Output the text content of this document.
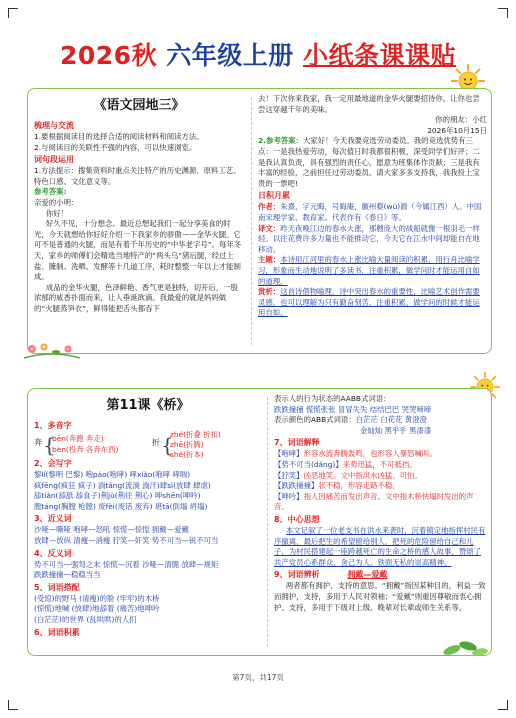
2026秋 六年级上册 小纸条课课贴
《语文园地三》
梳理与交流

1.要根据阅读目的选择合适的阅读材料和阅读方法。

2.与阅读目的关联性不强的内容，可以快速浏览。

词句段运用

1.方法提示：搜集资料时重点关注特产的历史渊源、原料工艺、特色口感、文化意义等。

参考答案:

亲爱的小明：

你好！

好久不见，十分想念。最近总想起我们一起分享美食的时光，今天就想给你好好介绍一下我家乡的骄傲——金华火腿。它可不是普通的火腿，而是有着千年历史的“中华老字号”。每年冬天，家乡的师傅们会精选当地特产的“两头乌”猪后腿，经过上盐、腌制、洗晒、发酵等十几道工序，耗时整整一年以上才能制成。

成品的金华火腿，色泽鲜艳、香气更是独特，切开后，一股浓郁的咸香扑面而来，让人垂涎欲滴。我最爱的就是妈妈做的“火腿蒸笋衣”，鲜得能把舌头都吞下

去！下次你来我家，我一定用最地道的金华火腿要招待你，让你也尝尝这穿越千年的美味。

你的朋友：小红

2026年10月15日

2.参考答案：大家好！今天我要竞选劳动委员。我的竞选优势有三点：一是我热爱劳动，每次值日时我都很积极，深受同学们好评；二是我认真负责，具有强烈的责任心，愿意为班集体作贡献；三是我有丰富的经验，之前担任过劳动委员。请大家多多支持我，我我投上宝贵的一票吧!

日积月累

作者：朱熹，字元晦，号晦庵，徽州婺(wù)源（今属江西）人。中国南宋理学家、教育家。代表作有《春日》等。

译文：昨天夜晚江边的春水大涨，那艘庞大的战船就像一根羽毛一样轻。以往花费许多力量也不能推动它，今天它在江水中间却能自在地移动。

主题：本诗用江河里的春水上涨比喻大量阅读的积累，用行舟比喻学习，形象而生动地说明了多读书，注重积累，做学问时才能运用自如的道理。

赏析：这首诗借物喻理，诗中突出春水的重要性，比喻艺术创作需要灵感，也可以理解为只有勤奋刻苦，注重积累，做学问的时候才能运用自如。

第11课《桥》
1、多音字
奔 {
bēn(奔跑 奔走)
bèn(投奔 各奔东西)
折 {
zhé(折叠 折扣)
zhē(折腾)
shé(折本)
2、会写字

黎lí(黎明 巴黎) 咆páo(咆哮) 哮xiào(咆哮 哮喘)

疯fēng(疯狂 疯子) 淌tǎng(流淌 淌汗)肆sì(放肆 肆虐)

舔tiǎn(舔舐 舔食子)荆jù(荆往 荆心) 呻shēn(呻吟)

膛táng(胸膛 枪膛) 废fèi(废话 废弃) 堪tā(倒塌 坍塌)

3、近义词

沙哑—嘶哑 咆哮—怒吼 惊慌—惊惶 拥戴—爱戴

放肆—放纵 清瘦—消瘦 狞笑—奸笑 势不可当—锐不可当

4、反义词

势不可当—强弩之末 惊慌—沉着 沙哑—清脆 放肆—规矩

跌跌撞撞—稳稳当当

5、词语搭配

(受惊)的野马 (清瘦)的脸 (牢牢)的木桥

(惊慌)地喊 (放肆)地舔着 (痛苦)地呻吟

(白茫茫)的世界 (乱哄哄)的人们

6、词语积累

表示人的行为状态的AABB式词语：

跌跌撞撞 慌慌张张 冒冒失失 结结巴巴 哭哭啼啼

表示颜色的ABB式词语：白茫茫 白花花 黄澄澄

金灿灿 黑乎乎 黑漆漆

7、词语解释

【咆哮】形容水流奔腾轰鸣，也形容人暴怒喊叫。

【势不可当(dǎng)】来势迅猛，不可抵挡。

【狞笑】凶恶地笑。文中指洪水凶猛、可怕。

【跌跌撞撞】状不稳，形容走路不稳。

【呻吟】指人因痛苦而发出声音。文中指木桥快塌时发出的声音。

8、中心思想

本文记叙了一位老支书在洪水来袭时，沉着镇定地指挥村民有序撤离，最后把生的希望留给别人，把死的危险留给自己和儿子，为村民搭建起一座跨越死亡的生命之桥的感人故事，赞颂了共产党员心系群众、舍己为人、铁面无私的崇高精神。

9、词语辨析	拥戴—爱戴

两者都有拥护、支持的意思。“拥戴”指因某种目的，利益一致而拥护，支持，多用于人民对领袖；“爱戴”则重因尊敬而衷心拥护、支持，多用于下级对上级、晚辈对长辈或师生关系等。

第7页，共17页
